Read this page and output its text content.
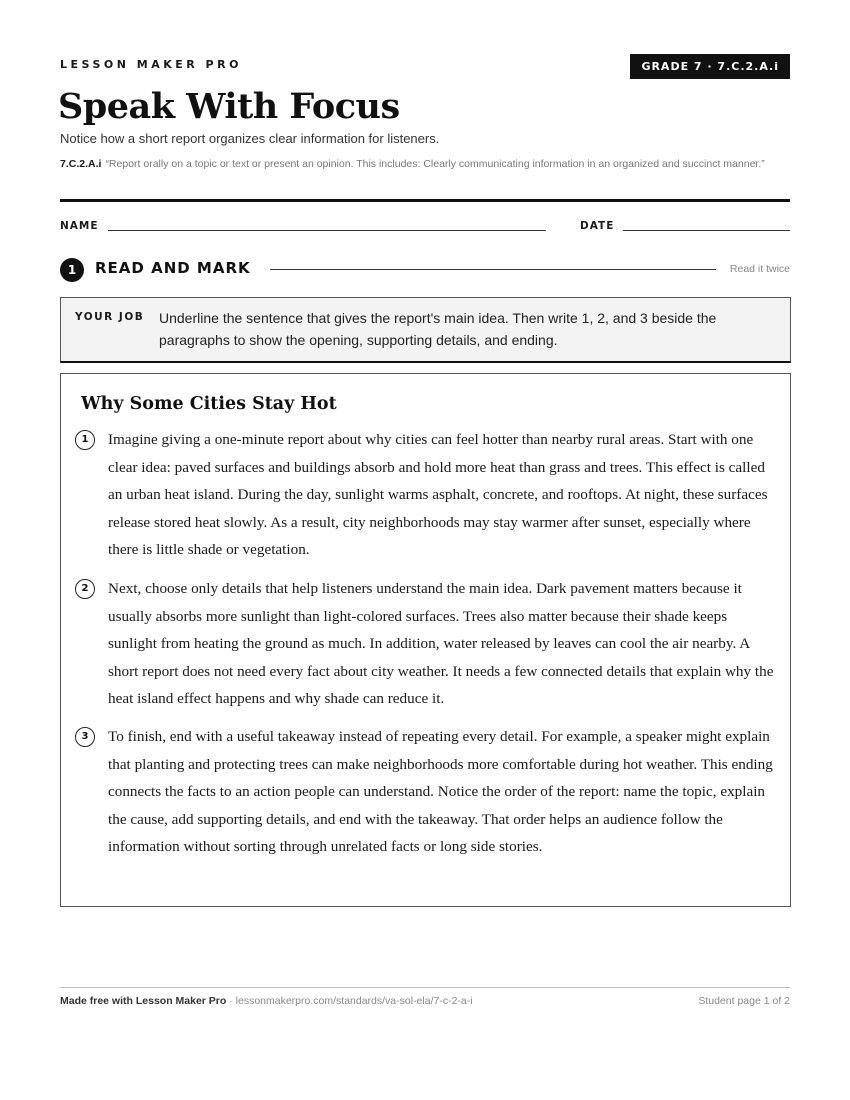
LESSON MAKER PRO	GRADE 7 · 7.C.2.A.i
Speak With Focus
Notice how a short report organizes clear information for listeners.
7.C.2.A.i “Report orally on a topic or text or present an opinion. This includes: Clearly communicating information in an organized and succinct manner.”
NAME	DATE
1	READ AND MARK	Read it twice
YOUR JOB Underline the sentence that gives the report's main idea. Then write 1, 2, and 3 beside the paragraphs to show the opening, supporting details, and ending.
Why Some Cities Stay Hot
1	Imagine giving a one-minute report about why cities can feel hotter than nearby rural areas. Start with one clear idea: paved surfaces and buildings absorb and hold more heat than grass and trees. This effect is called an urban heat island. During the day, sunlight warms asphalt, concrete, and rooftops. At night, these surfaces release stored heat slowly. As a result, city neighborhoods may stay warmer after sunset, especially where there is little shade or vegetation.

2	Next, choose only details that help listeners understand the main idea. Dark pavement matters because it usually absorbs more sunlight than light-colored surfaces. Trees also matter because their shade keeps sunlight from heating the ground as much. In addition, water released by leaves can cool the air nearby. A short report does not need every fact about city weather. It needs a few connected details that explain why the heat island effect happens and why shade can reduce it.

3	To finish, end with a useful takeaway instead of repeating every detail. For example, a speaker might explain that planting and protecting trees can make neighborhoods more comfortable during hot weather. This ending connects the facts to an action people can understand. Notice the order of the report: name the topic, explain the cause, add supporting details, and end with the takeaway. That order helps an audience follow the information without sorting through unrelated facts or long side stories.

Made free with Lesson Maker Pro · lessonmakerpro.com/standards/va-sol-ela/7-c-2-a-i	Student page 1 of 2
